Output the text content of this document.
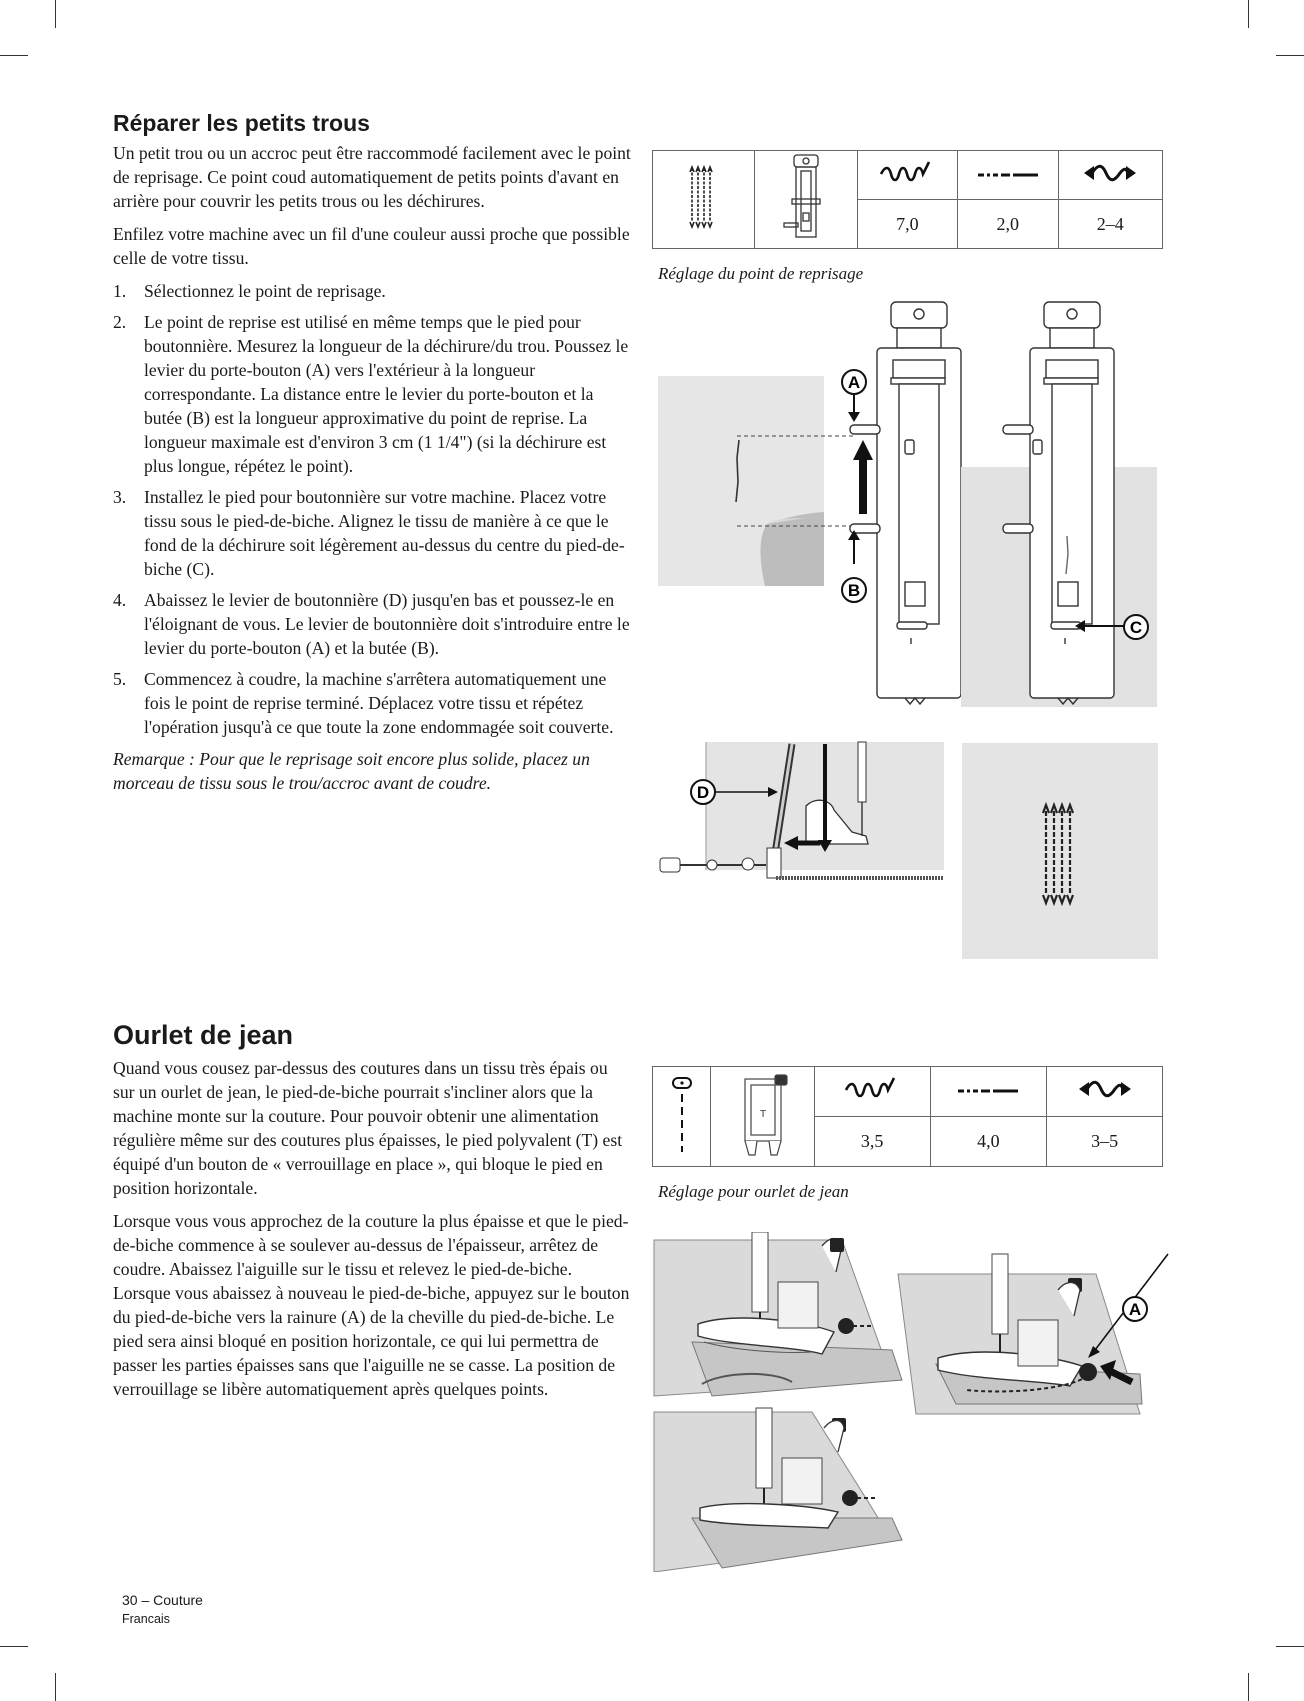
Réparer les petits trous

Un petit trou ou un accroc peut être raccommodé facilement avec le point de reprisage. Ce point coud automatiquement de petits points d'avant en arrière pour couvrir les petits trous ou les déchirures.

Enfilez votre machine avec un fil d'une couleur aussi proche que possible celle de votre tissu.

1. Sélectionnez le point de reprisage.
2. Le point de reprise est utilisé en même temps que le pied pour boutonnière. Mesurez la longueur de la déchirure/du trou. Poussez le levier du porte-bouton (A) vers l'extérieur à la longueur correspondante. La distance entre le levier du porte-bouton et la butée (B) est la longueur approximative du point de reprise. La longueur maximale est d'environ 3 cm (1 1/4") (si la déchirure est plus longue, répétez le point).
3. Installez le pied pour boutonnière sur votre machine. Placez votre tissu sous le pied-de-biche. Alignez le tissu de manière à ce que le fond de la déchirure soit légèrement au-dessus du centre du pied-de-biche (C).
4. Abaissez le levier de boutonnière (D) jusqu'en bas et poussez-le en l'éloignant de vous. Le levier de boutonnière doit s'introduire entre le levier du porte-bouton (A) et la butée (B).
5. Commencez à coudre, la machine s'arrêtera automatiquement une fois le point de reprise terminé. Déplacez votre tissu et répétez l'opération jusqu'à ce que toute la zone endommagée soit couverte.

Remarque : Pour que le reprisage soit encore plus solide, placez un morceau de tissu sous le trou/accroc avant de coudre.

		7,0	2,0	2–4
Réglage du point de reprisage
A
B
C
D
Ourlet de jean

Quand vous cousez par-dessus des coutures dans un tissu très épais ou sur un ourlet de jean, le pied-de-biche pourrait s'incliner alors que la machine monte sur la couture. Pour pouvoir obtenir une alimentation régulière même sur des coutures plus épaisses, le pied polyvalent (T) est équipé d'un bouton de « verrouillage en place », qui bloque le pied en position horizontale.

Lorsque vous vous approchez de la couture la plus épaisse et que le pied-de-biche commence à se soulever au-dessus de l'épaisseur, arrêtez de coudre. Abaissez l'aiguille sur le tissu et relevez le pied-de-biche. Lorsque vous abaissez à nouveau le pied-de-biche, appuyez sur le bouton du pied-de-biche vers la rainure (A) de la cheville du pied-de-biche. Le pied sera ainsi bloqué en position horizontale, ce qui lui permettra de passer les parties épaisses sans que l'aiguille ne se casse. La position de verrouillage se libère automatiquement après quelques points.

T

		3,5	4,0	3–5
Réglage pour ourlet de jean
A
30 – Couture
Francais
